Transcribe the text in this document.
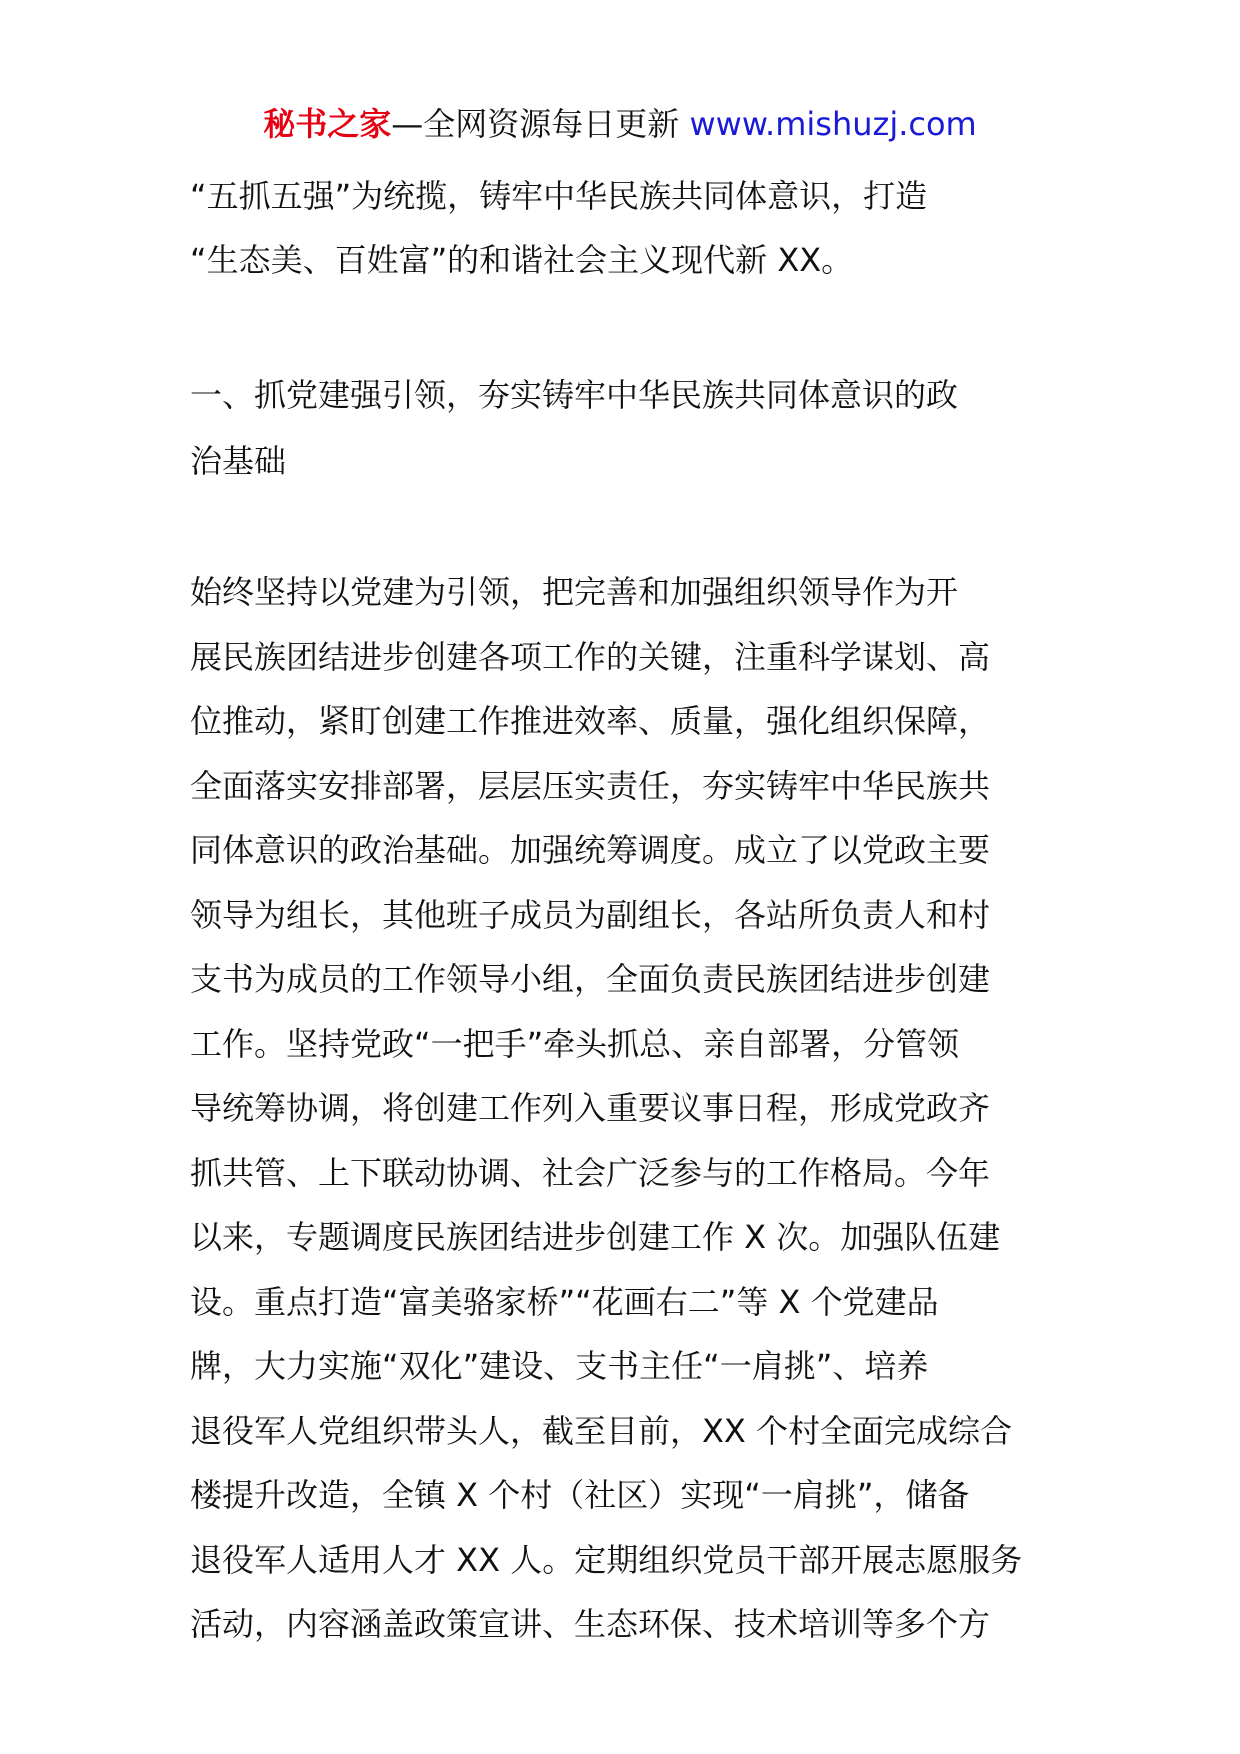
秘书之家—全网资源每日更新 www.mishuzj.com
“五抓五强”为统揽，铸牢中华民族共同体意识，打造
“生态美、百姓富”的和谐社会主义现代新 XX。
一、抓党建强引领，夯实铸牢中华民族共同体意识的政
治基础
始终坚持以党建为引领，把完善和加强组织领导作为开
展民族团结进步创建各项工作的关键，注重科学谋划、高
位推动，紧盯创建工作推进效率、质量，强化组织保障，
全面落实安排部署，层层压实责任，夯实铸牢中华民族共
同体意识的政治基础。加强统筹调度。成立了以党政主要
领导为组长，其他班子成员为副组长，各站所负责人和村
支书为成员的工作领导小组，全面负责民族团结进步创建
工作。坚持党政“一把手”牵头抓总、亲自部署，分管领
导统筹协调，将创建工作列入重要议事日程，形成党政齐
抓共管、上下联动协调、社会广泛参与的工作格局。今年
以来，专题调度民族团结进步创建工作 X 次。加强队伍建
设。重点打造“富美骆家桥”“花画右二”等 X 个党建品
牌，大力实施“双化”建设、支书主任“一肩挑”、培养
退役军人党组织带头人，截至目前，XX 个村全面完成综合
楼提升改造，全镇 X 个村（社区）实现“一肩挑”，储备
退役军人适用人才 XX 人。定期组织党员干部开展志愿服务
活动，内容涵盖政策宣讲、生态环保、技术培训等多个方
